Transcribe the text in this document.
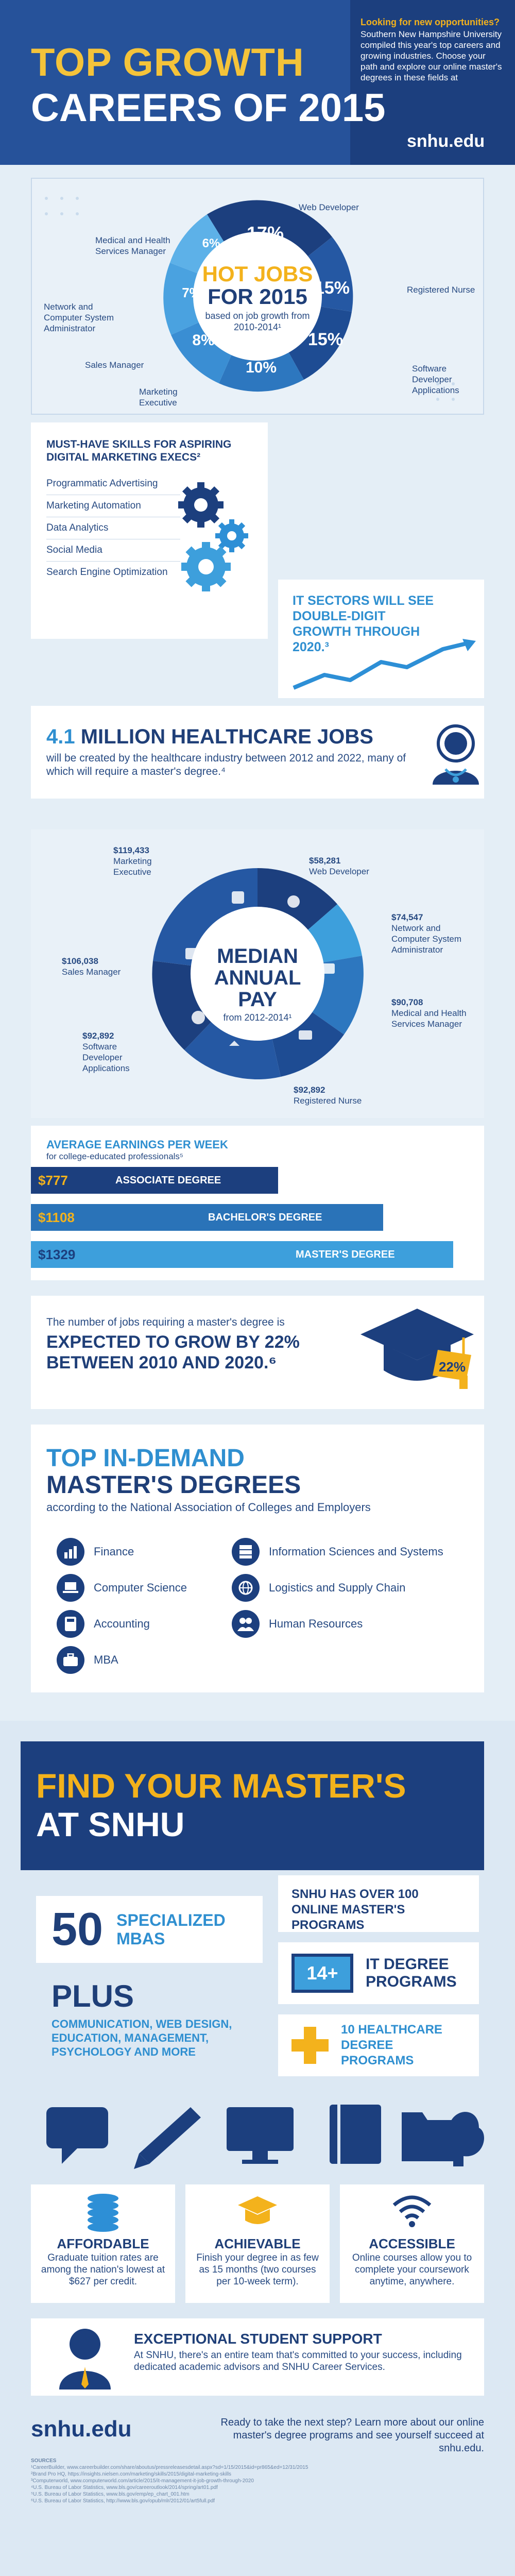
TOP GROWTH
CAREERS OF 2015
Looking for new opportunities?
Southern New Hampshire University compiled this year's top careers and growing industries. Choose your path and explore our online master's degrees in these fields at
snhu.edu
17%
15%
15%
10%
8%
7%
6%
HOT JOBS
FOR 2015
based on job growth from 2010-2014¹
Web Developer
Registered Nurse
Software Developer Applications
Marketing Executive
Sales Manager
Network and Computer System Administrator
Medical and Health Services Manager
MUST-HAVE SKILLS FOR ASPIRING DIGITAL MARKETING EXECS²
Programmatic Advertising
Marketing Automation
Data Analytics
Social Media
Search Engine Optimization
IT SECTORS WILL SEE DOUBLE-DIGIT GROWTH THROUGH 2020.³
4.1 MILLION HEALTHCARE JOBS
will be created by the healthcare industry between 2012 and 2022, many of which will require a master's degree.⁴
MEDIAN
ANNUAL PAY
from 2012-2014¹
$119,433
Marketing Executive
$58,281
Web Developer
$74,547
Network and Computer System Administrator
$90,708
Medical and Health Services Manager
$92,892
Registered Nurse
$92,892
Software Developer Applications
$106,038
Sales Manager
AVERAGE EARNINGS PER WEEK
for college-educated professionals⁵
$777	ASSOCIATE DEGREE
$1108	BACHELOR'S DEGREE
$1329	MASTER'S DEGREE
The number of jobs requiring a master's degree is
EXPECTED TO GROW BY 22% BETWEEN 2010 AND 2020.⁶	22%
TOP IN-DEMAND
MASTER'S DEGREES
according to the National Association of Colleges and Employers
Finance
Computer Science
Accounting
MBA
Information Sciences and Systems
Logistics and Supply Chain
Human Resources
FIND YOUR MASTER'S
AT SNHU
50 SPECIALIZED MBAS
SNHU HAS OVER 100 ONLINE MASTER'S PROGRAMS
14+ IT DEGREE PROGRAMS
10 HEALTHCARE DEGREE PROGRAMS
PLUS
COMMUNICATION, WEB DESIGN, EDUCATION, MANAGEMENT, PSYCHOLOGY AND MORE
AFFORDABLE
Graduate tuition rates are among the nation's lowest at $627 per credit.
ACHIEVABLE
Finish your degree in as few as 15 months (two courses per 10-week term).
ACCESSIBLE
Online courses allow you to complete your coursework anytime, anywhere.
EXCEPTIONAL STUDENT SUPPORT
At SNHU, there's an entire team that's committed to your success, including dedicated academic advisors and SNHU Career Services.
snhu.edu	Ready to take the next step? Learn more about our online master's degree programs and see yourself succeed at snhu.edu.
SOURCES
¹CareerBuilder, www.careerbuilder.com/share/aboutus/pressreleasesdetail.aspx?sd=1/15/2015&id=pr865&ed=12/31/2015
²Brand Pro HQ, https://insights.nielsen.com/marketing/skills/2015/digital-marketing-skills
³Computerworld, www.computerworld.com/article/2015/it-management-it-job-growth-through-2020
⁴U.S. Bureau of Labor Statistics, www.bls.gov/careeroutlook/2014/spring/art01.pdf
⁵U.S. Bureau of Labor Statistics, www.bls.gov/emp/ep_chart_001.htm
⁶U.S. Bureau of Labor Statistics, http://www.bls.gov/opub/mlr/2012/01/art5full.pdf
